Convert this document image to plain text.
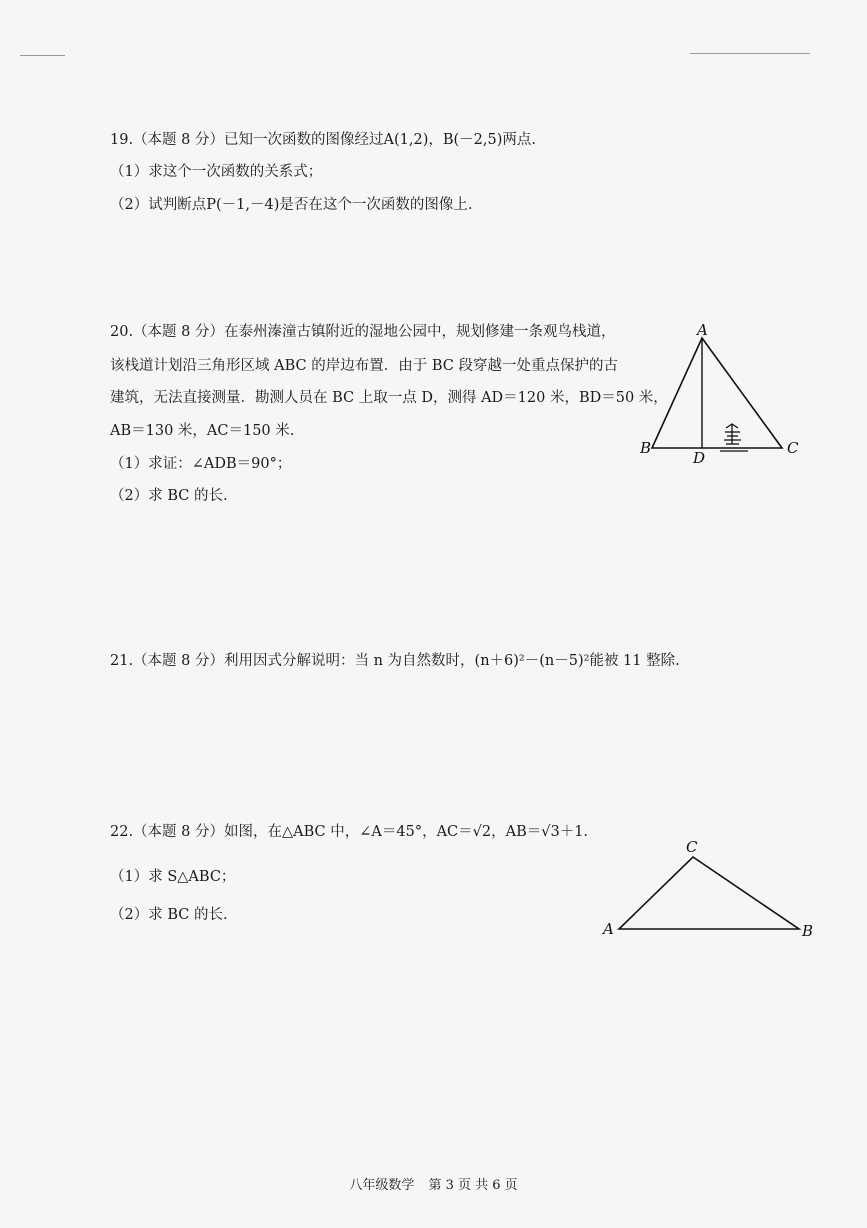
19.（本题 8 分）已知一次函数的图像经过A(1,2)，B(－2,5)两点.
（1）求这个一次函数的关系式；
（2）试判断点P(－1,－4)是否在这个一次函数的图像上.
20.（本题 8 分）在泰州溱潼古镇附近的湿地公园中，规划修建一条观鸟栈道，
该栈道计划沿三角形区域 ABC 的岸边布置．由于 BC 段穿越一处重点保护的古
建筑，无法直接测量．勘测人员在 BC 上取一点 D，测得 AD＝120 米，BD＝50 米，
AB＝130 米，AC＝150 米.
（1）求证：∠ADB＝90°；
（2）求 BC 的长.
A
B	C
D
21.（本题 8 分）利用因式分解说明：当 n 为自然数时，(n＋6)²－(n－5)²能被 11 整除.
22.（本题 8 分）如图，在△ABC 中，∠A＝45°，AC＝√2，AB＝√3＋1.
（1）求 S△ABC；
（2）求 BC 的长.
A	B
C
八年级数学 第 3 页 共 6 页
